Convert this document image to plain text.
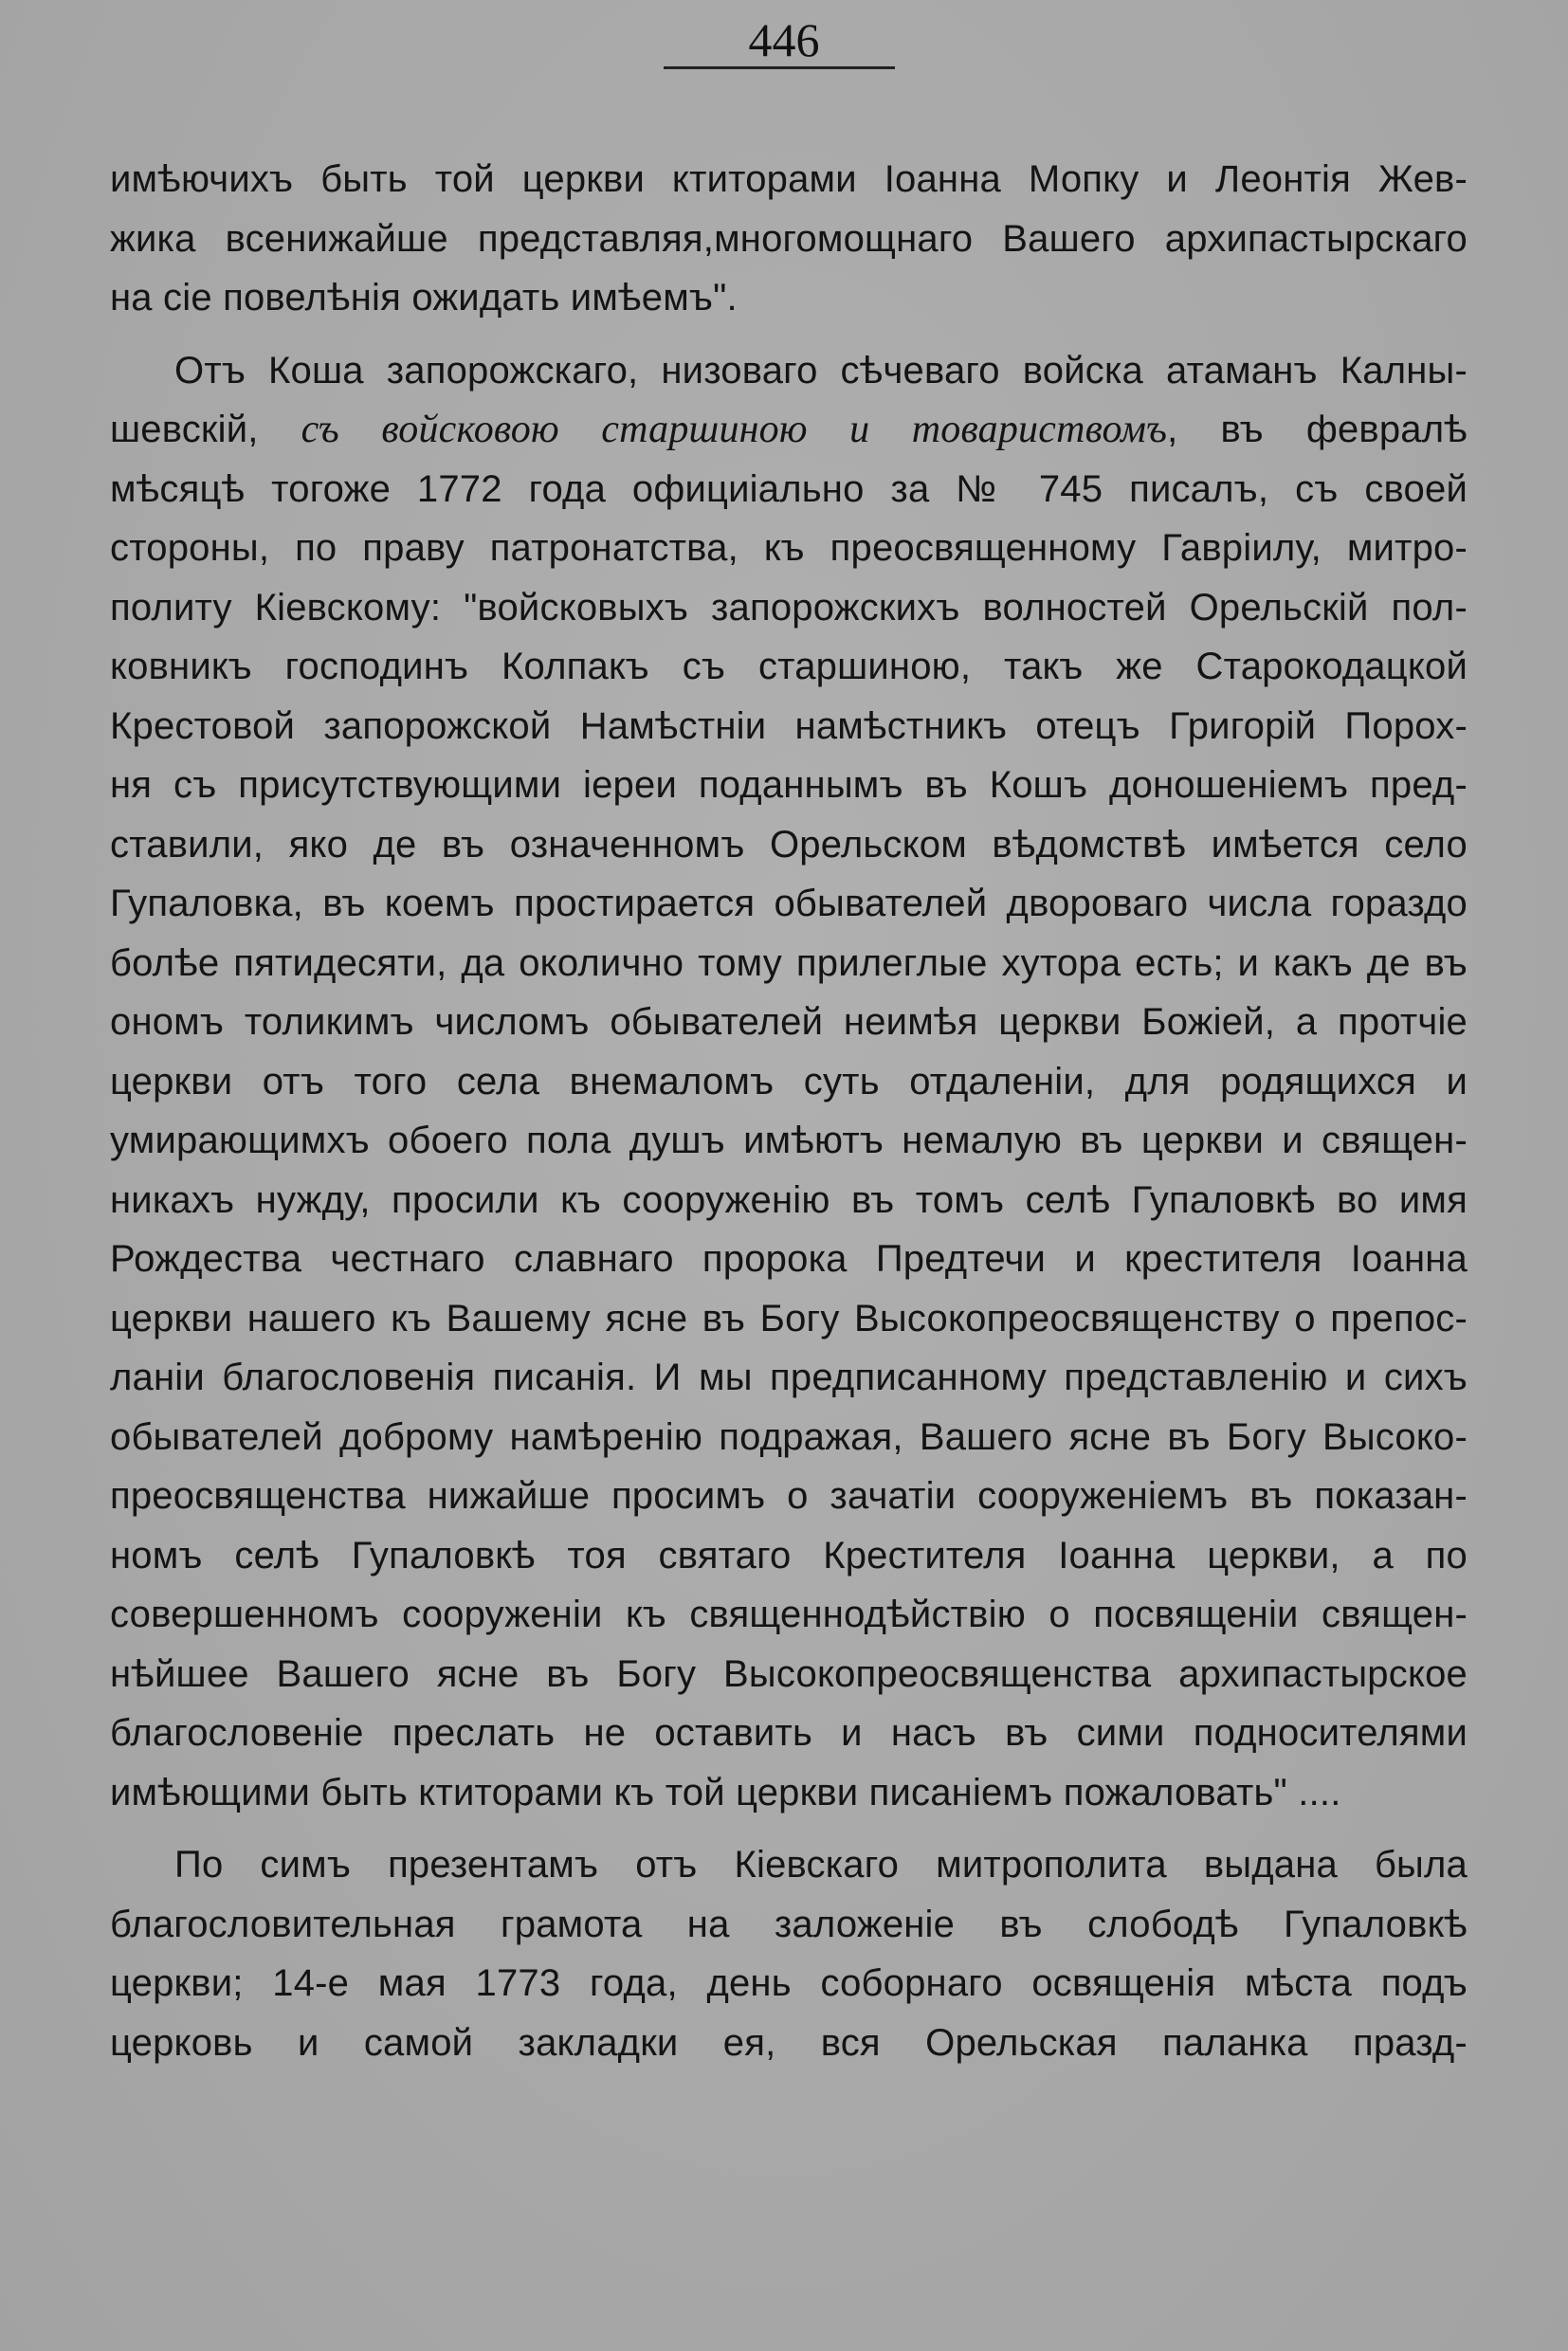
446
имѣючихъ быть той церкви ктиторами Іоанна Мопку и Леонтія Жев-
жика всенижайше представляя,многомощнаго Вашего архипастырскаго
на сіе повелѣнія ожидать имѣемъ".
Отъ Коша запорожскаго, низоваго сѣчеваго войска атаманъ Калны-
шевскій, съ войсковою старшиною и товариствомъ, въ февралѣ
мѣсяцѣ тогоже 1772 года официіально за № 745 писалъ, съ своей
стороны, по праву патронатства, къ преосвященному Гавріилу, митро-
политу Кіевскому: "войсковыхъ запорожскихъ волностей Орельскій пол-
ковникъ господинъ Колпакъ съ старшиною, такъ же Старокодацкой
Крестовой запорожской Намѣстніи намѣстникъ отецъ Григорій Порох-
ня съ присутствующими іереи поданнымъ въ Кошъ доношеніемъ пред-
ставили, яко де въ означенномъ Орельском вѣдомствѣ имѣется село
Гупаловка, въ коемъ простирается обывателей двороваго числа гораздо
болѣе пятидесяти, да околично тому прилеглые хутора есть; и какъ де въ
ономъ толикимъ числомъ обывателей неимѣя церкви Божіей, а протчіе
церкви отъ того села внемаломъ суть отдаленіи, для родящихся и
умирающимхъ обоего пола душъ имѣютъ немалую въ церкви и священ-
никахъ нужду, просили къ сооруженію въ томъ селѣ Гупаловкѣ во имя
Рождества честнаго славнаго пророка Предтечи и крестителя Іоанна
церкви нашего къ Вашему ясне въ Богу Высокопреосвященству о препос-
ланіи благословенія писанія. И мы предписанному представленію и сихъ
обывателей доброму намѣренію подражая, Вашего ясне въ Богу Высоко-
преосвященства нижайше просимъ о зачатіи сооруженіемъ въ показан-
номъ селѣ Гупаловкѣ тоя святаго Крестителя Іоанна церкви, а по
совершенномъ сооруженіи къ священнодѣйствію о посвященіи священ-
нѣйшее Вашего ясне въ Богу Высокопреосвященства архипастырское
благословеніе преслать не оставить и насъ въ сими подносителями
имѣющими быть ктиторами къ той церкви писаніемъ пожаловать" ....
По симъ презентамъ отъ Кіевскаго митрополита выдана была
благословительная грамота на заложеніе въ слободѣ Гупаловкѣ
церкви; 14-е мая 1773 года, день соборнаго освященія мѣста подъ
церковь и самой закладки ея, вся Орельская паланка празд-
